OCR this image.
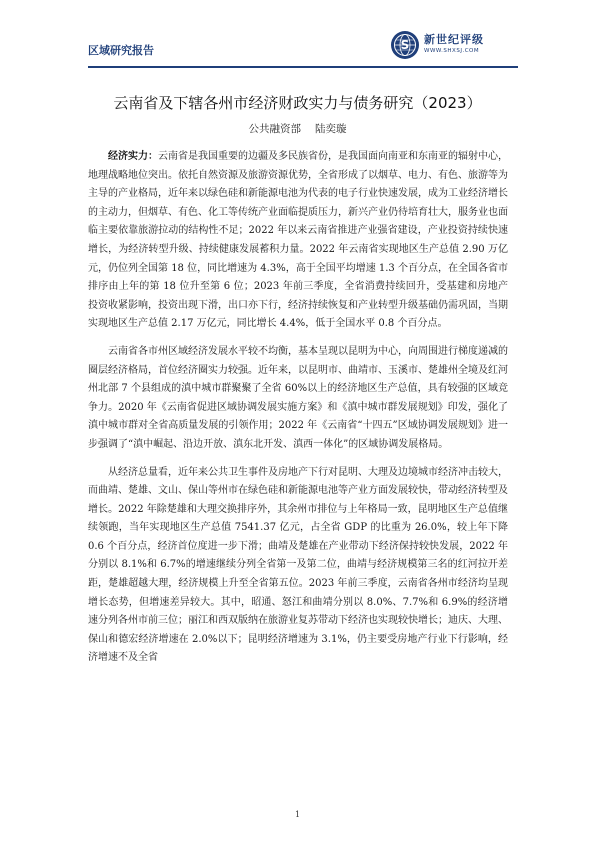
区域研究报告	S 新世纪评级
WWW.SHXSJ.COM
云南省及下辖各州市经济财政实力与债务研究（2023）
公共融资部 陆奕璇

经济实力：云南省是我国重要的边疆及多民族省份，是我国面向南亚和东南亚的辐射中心，地理战略地位突出。依托自然资源及旅游资源优势，全省形成了以烟草、电力、有色、旅游等为主导的产业格局，近年来以绿色硅和新能源电池为代表的电子行业快速发展，成为工业经济增长的主动力，但烟草、有色、化工等传统产业面临提质压力，新兴产业仍待培育壮大，服务业也面临主要依靠旅游拉动的结构性不足；2022 年以来云南省推进产业强省建设，产业投资持续快速增长，为经济转型升级、持续健康发展蓄积力量。2022 年云南省实现地区生产总值 2.90 万亿元，仍位列全国第 18 位，同比增速为 4.3%，高于全国平均增速 1.3 个百分点，在全国各省市排序由上年的第 18 位升至第 6 位；2023 年前三季度，全省消费持续回升，受基建和房地产投资收紧影响，投资出现下滑，出口亦下行，经济持续恢复和产业转型升级基础仍需巩固，当期实现地区生产总值 2.17 万亿元，同比增长 4.4%，低于全国水平 0.8 个百分点。

云南省各市州区域经济发展水平较不均衡，基本呈现以昆明为中心，向周围进行梯度递减的圈层经济格局，首位经济圈实力较强。近年来，以昆明市、曲靖市、玉溪市、楚雄州全境及红河州北部 7 个县组成的滇中城市群聚聚了全省 60%以上的经济地区生产总值，具有较强的区域竞争力。2020 年《云南省促进区域协调发展实施方案》和《滇中城市群发展规划》印发，强化了滇中城市群对全省高质量发展的引领作用；2022 年《云南省“十四五”区域协调发展规划》进一步强调了“滇中崛起、沿边开放、滇东北开发、滇西一体化”的区域协调发展格局。

从经济总量看，近年来公共卫生事件及房地产下行对昆明、大理及边境城市经济冲击较大，而曲靖、楚雄、文山、保山等州市在绿色硅和新能源电池等产业方面发展较快，带动经济转型及增长。2022 年除楚雄和大理交换排序外，其余州市排位与上年格局一致，昆明地区生产总值继续领跑，当年实现地区生产总值 7541.37 亿元，占全省 GDP 的比重为 26.0%，较上年下降 0.6 个百分点，经济首位度进一步下滑；曲靖及楚雄在产业带动下经济保持较快发展，2022 年分别以 8.1%和 6.7%的增速继续分列全省第一及第二位，曲靖与经济规模第三名的红河拉开差距，楚雄超越大理，经济规模上升至全省第五位。2023 年前三季度，云南省各州市经济均呈现增长态势，但增速差异较大。其中，昭通、怒江和曲靖分别以 8.0%、7.7%和 6.9%的经济增速分列各州市前三位；丽江和西双版纳在旅游业复苏带动下经济也实现较快增长；迪庆、大理、保山和德宏经济增速在 2.0%以下；昆明经济增速为 3.1%，仍主要受房地产行业下行影响，经济增速不及全省

1
